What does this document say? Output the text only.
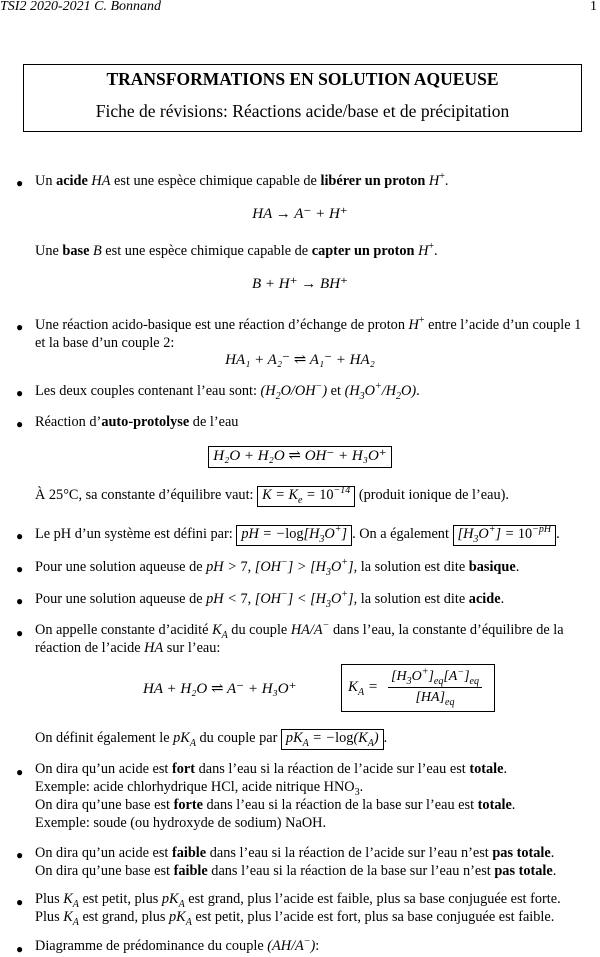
TSI2 2020-2021 C. Bonnand	1
TRANSFORMATIONS EN SOLUTION AQUEUSE
Fiche de révisions: Réactions acide/base et de précipitation
● Un acide HA est une espèce chimique capable de libérer un proton H+.
HA → A⁻ + H⁺
Une base B est une espèce chimique capable de capter un proton H+.
B + H⁺ → BH⁺
● Une réaction acido-basique est une réaction d’échange de proton H+ entre l’acide d’un couple 1
et la base d’un couple 2:
HA₁ + A₂⁻ ⇌ A₁⁻ + HA₂
● Les deux couples contenant l’eau sont: $(H_2O/OH^-)$ et $(H_3O^+/H_2O)$.
● Réaction d’auto-protolyse de l’eau
H₂O + H₂O ⇌ OH⁻ + H₃O⁺
À 25°C, sa constante d’équilibre vaut: $K = K_e = 10^{-14}$ (produit ionique de l’eau).
● Le pH d’un système est défini par: pH = $-\log[H_3O^+]$ . On a également $[H_3O^+] = 10^{-pH}$ .
● Pour une solution aqueuse de pH > 7, $[OH^-] > [H_3O^+]$, la solution est dite basique.
● Pour une solution aqueuse de pH < 7, $[OH^-] < [H_3O^+]$, la solution est dite acide.
● On appelle constante d’acidité $K_A$ du couple HA/A− dans l’eau, la constante d’équilibre de la
réaction de l’acide HA sur l’eau:
HA + H₂O ⇌ A⁻ + H₃O⁺	$K_A = \frac{[H_3O^+]_{eq}[A^-]_{eq}}{[HA]_{eq}}$
On définit également le $pK_A$ du couple par $pK_A = -\log(K_A)$ .
● On dira qu’un acide est fort dans l’eau si la réaction de l’acide sur l’eau est totale.
Exemple: acide chlorhydrique HCl, acide nitrique $HNO_3$.
On dira qu’une base est forte dans l’eau si la réaction de la base sur l’eau est totale.
Exemple: soude (ou hydroxyde de sodium) NaOH.
● On dira qu’un acide est faible dans l’eau si la réaction de l’acide sur l’eau n’est pas totale.
On dira qu’une base est faible dans l’eau si la réaction de la base sur l’eau n’est pas totale.
● Plus $K_A$ est petit, plus $pK_A$ est grand, plus l’acide est faible, plus sa base conjuguée est forte.
Plus $K_A$ est grand, plus $pK_A$ est petit, plus l’acide est fort, plus sa base conjuguée est faible.
● Diagramme de prédominance du couple (AH/A−):
